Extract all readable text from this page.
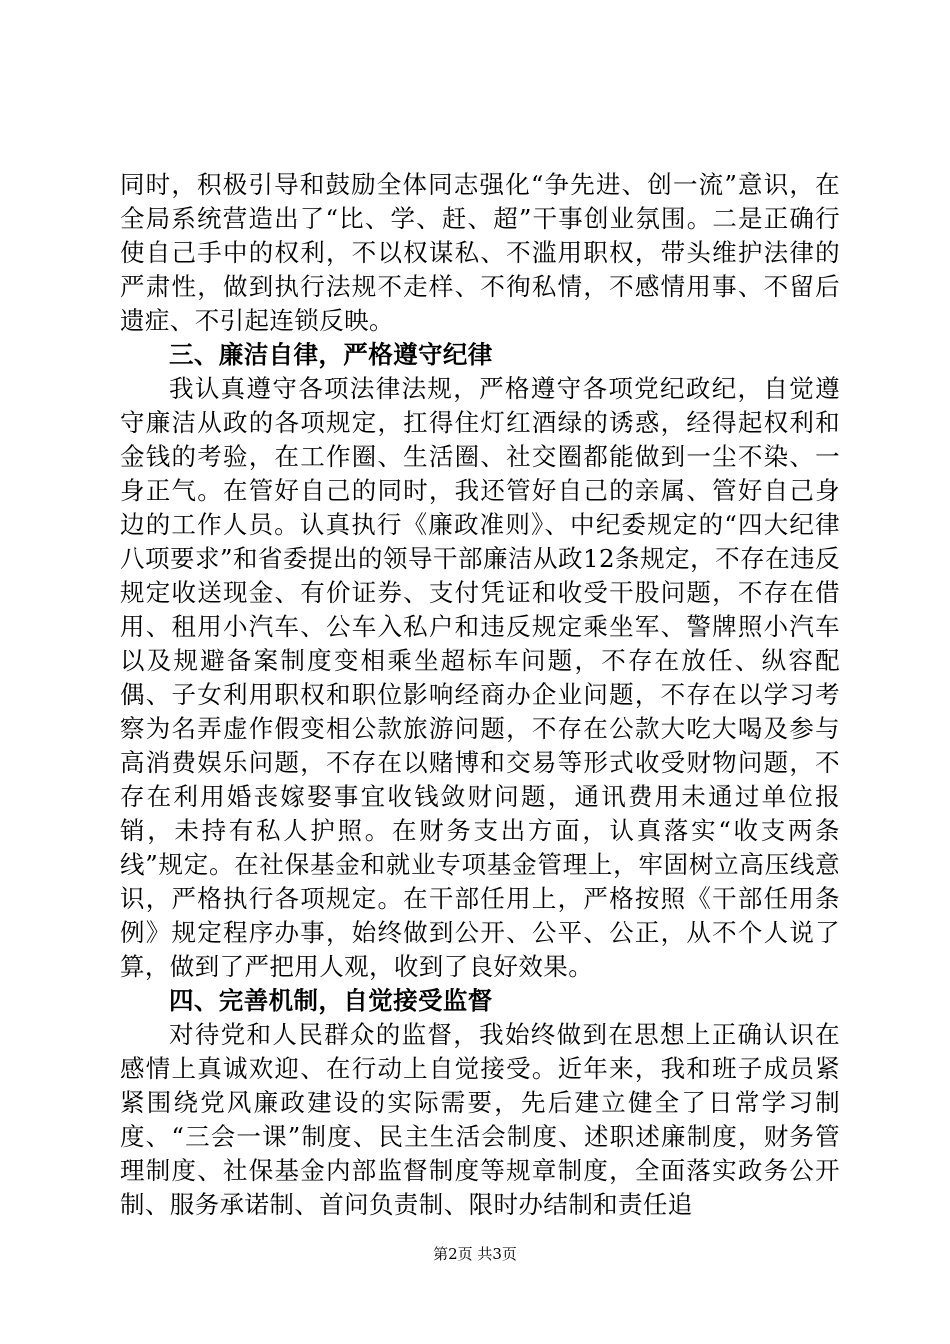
同时，积极引导和鼓励全体同志强化“争先进、创一流”意识，在全局系统营造出了“比、学、赶、超”干事创业氛围。二是正确行使自己手中的权利，不以权谋私、不滥用职权，带头维护法律的严肃性，做到执行法规不走样、不徇私情，不感情用事、不留后遗症、不引起连锁反映。

三、廉洁自律，严格遵守纪律

我认真遵守各项法律法规，严格遵守各项党纪政纪，自觉遵守廉洁从政的各项规定，扛得住灯红酒绿的诱惑，经得起权利和金钱的考验，在工作圈、生活圈、社交圈都能做到一尘不染、一身正气。在管好自己的同时，我还管好自己的亲属、管好自己身边的工作人员。认真执行《廉政准则》、中纪委规定的“四大纪律八项要求”和省委提出的领导干部廉洁从政12条规定，不存在违反规定收送现金、有价证券、支付凭证和收受干股问题，不存在借用、租用小汽车、公车入私户和违反规定乘坐军、警牌照小汽车以及规避备案制度变相乘坐超标车问题，不存在放任、纵容配偶、子女利用职权和职位影响经商办企业问题，不存在以学习考察为名弄虚作假变相公款旅游问题，不存在公款大吃大喝及参与高消费娱乐问题，不存在以赌博和交易等形式收受财物问题，不存在利用婚丧嫁娶事宜收钱敛财问题，通讯费用未通过单位报销，未持有私人护照。在财务支出方面，认真落实“收支两条线”规定。在社保基金和就业专项基金管理上，牢固树立高压线意识，严格执行各项规定。在干部任用上，严格按照《干部任用条例》规定程序办事，始终做到公开、公平、公正，从不个人说了算，做到了严把用人观，收到了良好效果。

四、完善机制，自觉接受监督

对待党和人民群众的监督，我始终做到在思想上正确认识在感情上真诚欢迎、在行动上自觉接受。近年来，我和班子成员紧紧围绕党风廉政建设的实际需要，先后建立健全了日常学习制度、“三会一课”制度、民主生活会制度、述职述廉制度，财务管理制度、社保基金内部监督制度等规章制度，全面落实政务公开制、服务承诺制、首问负责制、限时办结制和责任追

第2页 共3页
